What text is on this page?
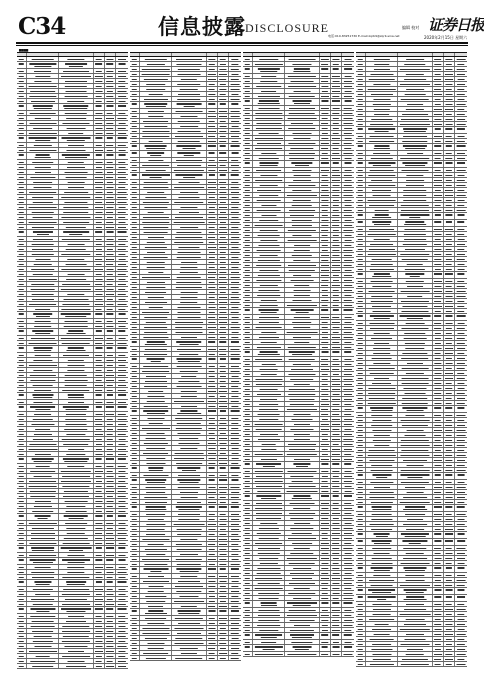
C34	信息披露 DISCLOSURE	编辑 校对
电话:010-83251730 E-mail:zqrb9@zqrb.sina.net
证券日报
2020年2月15日 星期六
▆▆▆▆
